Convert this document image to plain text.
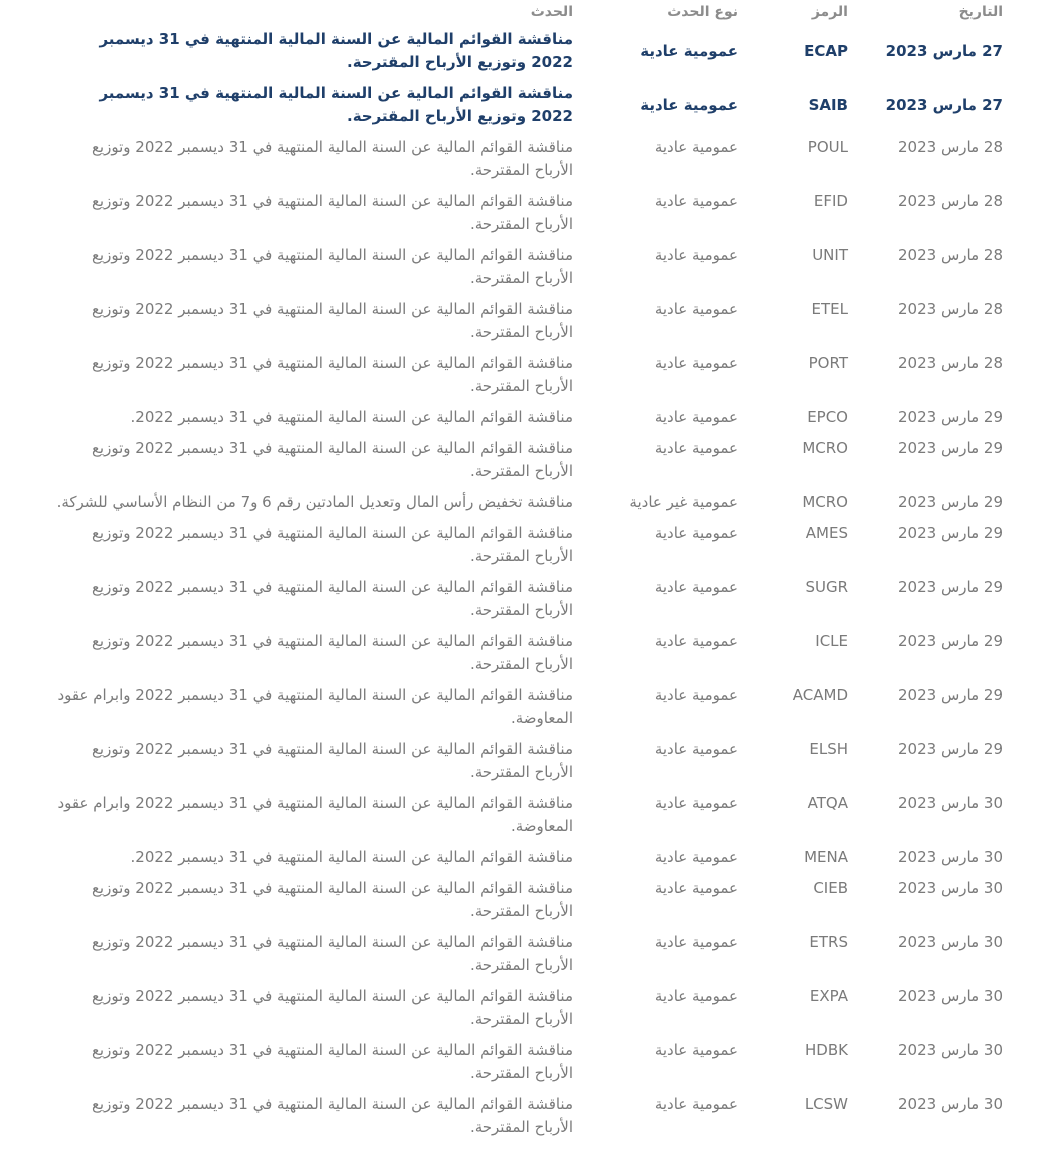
التاريخ	الرمز	نوع الحدث	الحدث
27 مارس 2023	ECAP	عمومية عادية	مناقشة القوائم المالية عن السنة المالية المنتهية في 31 ديسمبر 2022 وتوزيع الأرباح المقترحة.
27 مارس 2023	SAIB	عمومية عادية	مناقشة القوائم المالية عن السنة المالية المنتهية في 31 ديسمبر 2022 وتوزيع الأرباح المقترحة.
28 مارس 2023	POUL	عمومية عادية	مناقشة القوائم المالية عن السنة المالية المنتهية في 31 ديسمبر 2022 وتوزيع الأرباح المقترحة.
28 مارس 2023	EFID	عمومية عادية	مناقشة القوائم المالية عن السنة المالية المنتهية في 31 ديسمبر 2022 وتوزيع الأرباح المقترحة.
28 مارس 2023	UNIT	عمومية عادية	مناقشة القوائم المالية عن السنة المالية المنتهية في 31 ديسمبر 2022 وتوزيع الأرباح المقترحة.
28 مارس 2023	ETEL	عمومية عادية	مناقشة القوائم المالية عن السنة المالية المنتهية في 31 ديسمبر 2022 وتوزيع الأرباح المقترحة.
28 مارس 2023	PORT	عمومية عادية	مناقشة القوائم المالية عن السنة المالية المنتهية في 31 ديسمبر 2022 وتوزيع الأرباح المقترحة.
29 مارس 2023	EPCO	عمومية عادية	مناقشة القوائم المالية عن السنة المالية المنتهية في 31 ديسمبر 2022.
29 مارس 2023	MCRO	عمومية عادية	مناقشة القوائم المالية عن السنة المالية المنتهية في 31 ديسمبر 2022 وتوزيع الأرباح المقترحة.
29 مارس 2023	MCRO	عمومية غير عادية	مناقشة تخفيض رأس المال وتعديل المادتين رقم 6 و7 من النظام الأساسي للشركة.
29 مارس 2023	AMES	عمومية عادية	مناقشة القوائم المالية عن السنة المالية المنتهية في 31 ديسمبر 2022 وتوزيع الأرباح المقترحة.
29 مارس 2023	SUGR	عمومية عادية	مناقشة القوائم المالية عن السنة المالية المنتهية في 31 ديسمبر 2022 وتوزيع الأرباح المقترحة.
29 مارس 2023	ICLE	عمومية عادية	مناقشة القوائم المالية عن السنة المالية المنتهية في 31 ديسمبر 2022 وتوزيع الأرباح المقترحة.
29 مارس 2023	ACAMD	عمومية عادية	مناقشة القوائم المالية عن السنة المالية المنتهية في 31 ديسمبر 2022 وابرام عقود المعاوضة.
29 مارس 2023	ELSH	عمومية عادية	مناقشة القوائم المالية عن السنة المالية المنتهية في 31 ديسمبر 2022 وتوزيع الأرباح المقترحة.
30 مارس 2023	ATQA	عمومية عادية	مناقشة القوائم المالية عن السنة المالية المنتهية في 31 ديسمبر 2022 وابرام عقود المعاوضة.
30 مارس 2023	MENA	عمومية عادية	مناقشة القوائم المالية عن السنة المالية المنتهية في 31 ديسمبر 2022.
30 مارس 2023	CIEB	عمومية عادية	مناقشة القوائم المالية عن السنة المالية المنتهية في 31 ديسمبر 2022 وتوزيع الأرباح المقترحة.
30 مارس 2023	ETRS	عمومية عادية	مناقشة القوائم المالية عن السنة المالية المنتهية في 31 ديسمبر 2022 وتوزيع الأرباح المقترحة.
30 مارس 2023	EXPA	عمومية عادية	مناقشة القوائم المالية عن السنة المالية المنتهية في 31 ديسمبر 2022 وتوزيع الأرباح المقترحة.
30 مارس 2023	HDBK	عمومية عادية	مناقشة القوائم المالية عن السنة المالية المنتهية في 31 ديسمبر 2022 وتوزيع الأرباح المقترحة.
30 مارس 2023	LCSW	عمومية عادية	مناقشة القوائم المالية عن السنة المالية المنتهية في 31 ديسمبر 2022 وتوزيع الأرباح المقترحة.
